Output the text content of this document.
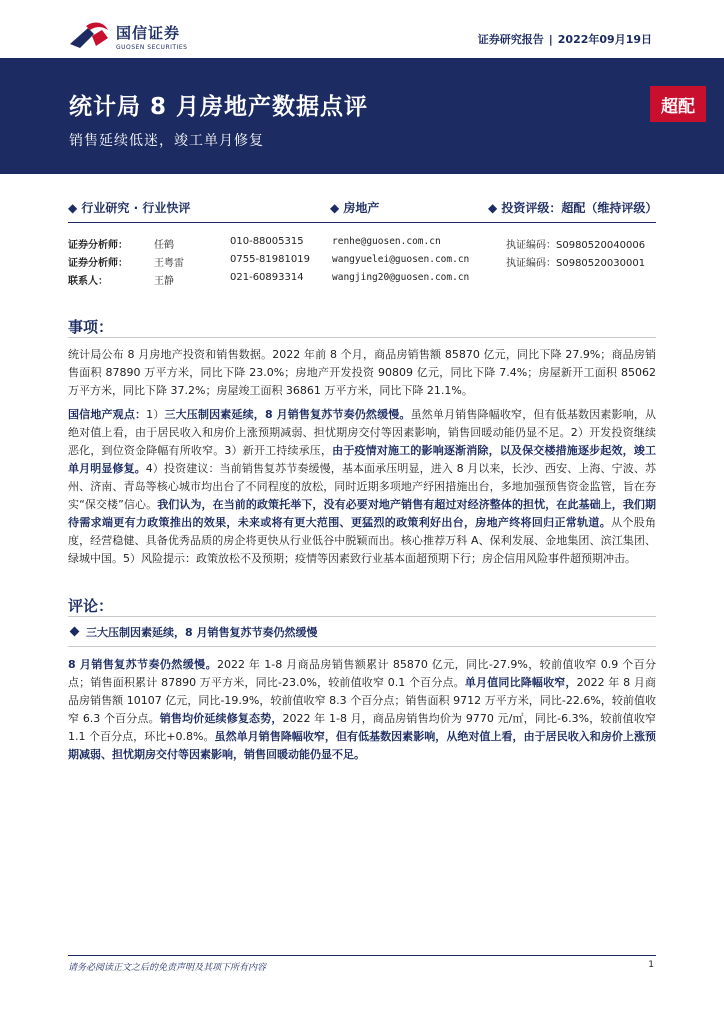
国信证券
GUOSEN SECURITIES
证券研究报告 | 2022年09月19日
统计局 8 月房地产数据点评
销售延续低迷，竣工单月修复
超配
◆ 行业研究 · 行业快评	◆ 房地产	◆ 投资评级：超配（维持评级）
证券分析师：	任鹤	010-88005315	renhe@guosen.com.cn	执证编码：S0980520040006
证券分析师：	王粤雷	0755-81981019 wangyuelei@guosen.com.cn	执证编码：S0980520030001
联系人：	王静	021-60893314	wangjing20@guosen.com.cn
事项：
统计局公布 8 月房地产投资和销售数据。2022 年前 8 个月，商品房销售额 85870 亿元，同比下降 27.9%；商品房销售面积 87890 万平方米，同比下降 23.0%；房地产开发投资 90809 亿元，同比下降 7.4%；房屋新开工面积 85062 万平方米，同比下降 37.2%；房屋竣工面积 36861 万平方米，同比下降 21.1%。
国信地产观点：1）三大压制因素延续，8 月销售复苏节奏仍然缓慢。虽然单月销售降幅收窄，但有低基数因素影响，从绝对值上看，由于居民收入和房价上涨预期减弱、担忧期房交付等因素影响，销售回暖动能仍显不足。2）开发投资继续恶化，到位资金降幅有所收窄。3）新开工持续承压，由于疫情对施工的影响逐渐消除，以及保交楼措施逐步起效，竣工单月明显修复。4）投资建议：当前销售复苏节奏缓慢，基本面承压明显，进入 8 月以来，长沙、西安、上海、宁波、苏州、济南、青岛等核心城市均出台了不同程度的放松，同时近期多项地产纾困措施出台，多地加强预售资金监管，旨在夯实“保交楼”信心。我们认为，在当前的政策托举下，没有必要对地产销售有超过对经济整体的担忧，在此基础上，我们期待需求端更有力政策推出的效果，未来或将有更大范围、更猛烈的政策利好出台，房地产终将回归正常轨道。从个股角度，经营稳健、具备优秀品质的房企将更快从行业低谷中脱颖而出。核心推荐万科 A、保利发展、金地集团、滨江集团、绿城中国。5）风险提示：政策放松不及预期；疫情等因素致行业基本面超预期下行；房企信用风险事件超预期冲击。
评论：
三大压制因素延续，8 月销售复苏节奏仍然缓慢
8 月销售复苏节奏仍然缓慢。2022 年 1-8 月商品房销售额累计 85870 亿元，同比-27.9%，较前值收窄 0.9 个百分点；销售面积累计 87890 万平方米，同比-23.0%，较前值收窄 0.1 个百分点。单月值同比降幅收窄，2022 年 8 月商品房销售额 10107 亿元，同比-19.9%，较前值收窄 8.3 个百分点；销售面积 9712 万平方米，同比-22.6%，较前值收窄 6.3 个百分点。销售均价延续修复态势，2022 年 1-8 月，商品房销售均价为 9770 元/㎡，同比-6.3%，较前值收窄 1.1 个百分点，环比+0.8%。虽然单月销售降幅收窄，但有低基数因素影响，从绝对值上看，由于居民收入和房价上涨预期减弱、担忧期房交付等因素影响，销售回暖动能仍显不足。
请务必阅读正文之后的免责声明及其项下所有内容	1
